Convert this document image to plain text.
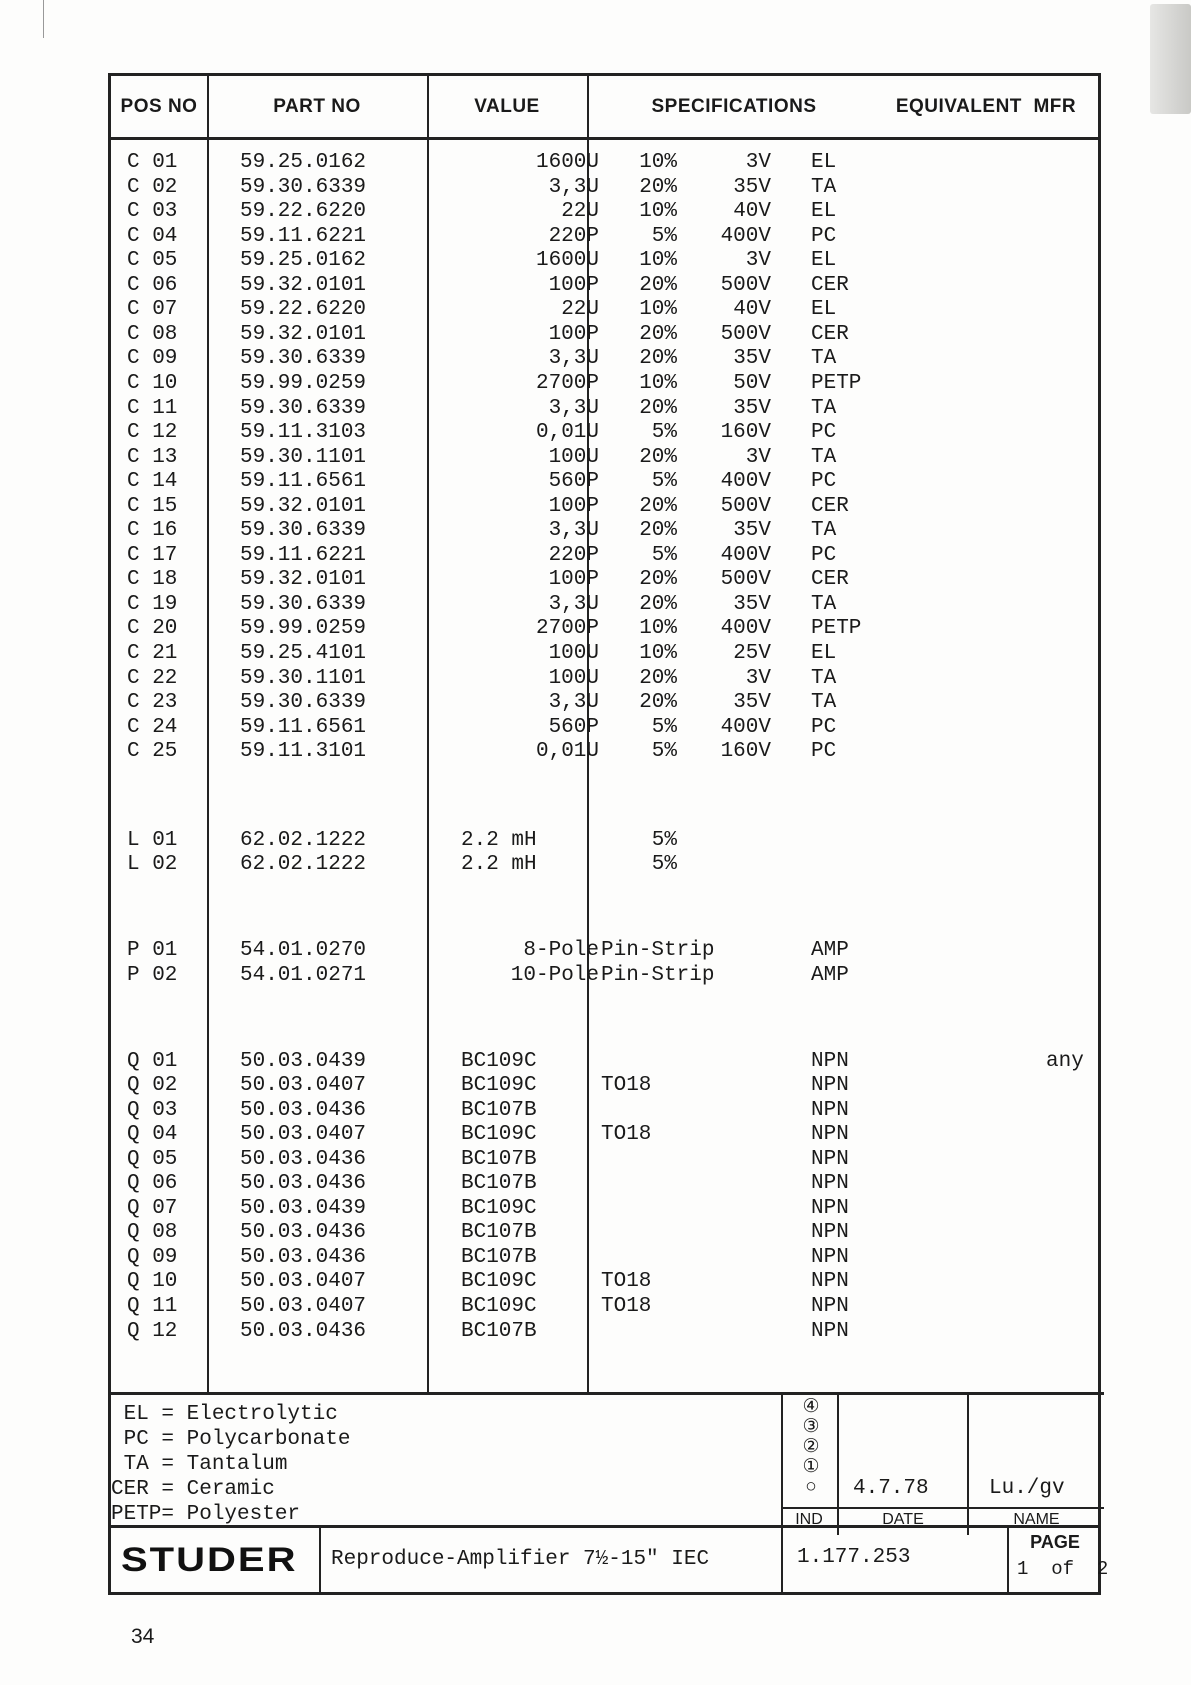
POS NO	PART NO	VALUE	SPECIFICATIONS	EQUIVALENT  MFR
C 01	59.25.0162	1600U	10%	3V EL
C 02	59.30.6339	3,3U	20%	35V TA
C 03	59.22.6220	22U	10%	40V EL
C 04	59.11.6221	220P	5%	400V PC
C 05	59.25.0162	1600U	10%	3V EL
C 06	59.32.0101	100P	20%	500V CER
C 07	59.22.6220	22U	10%	40V EL
C 08	59.32.0101	100P	20%	500V CER
C 09	59.30.6339	3,3U	20%	35V TA
C 10	59.99.0259	2700P	10%	50V PETP
C 11	59.30.6339	3,3U	20%	35V TA
C 12	59.11.3103	0,01U	5%	160V PC
C 13	59.30.1101	100U	20%	3V TA
C 14	59.11.6561	560P	5%	400V PC
C 15	59.32.0101	100P	20%	500V CER
C 16	59.30.6339	3,3U	20%	35V TA
C 17	59.11.6221	220P	5%	400V PC
C 18	59.32.0101	100P	20%	500V CER
C 19	59.30.6339	3,3U	20%	35V TA
C 20	59.99.0259	2700P	10%	400V PETP
C 21	59.25.4101	100U	10%	25V EL
C 22	59.30.1101	100U	20%	3V TA
C 23	59.30.6339	3,3U	20%	35V TA
C 24	59.11.6561	560P	5%	400V PC
C 25	59.11.3101	0,01U	5%	160V PC
L 01	62.02.1222	2.2 mH	5%
L 02	62.02.1222	2.2 mH	5%
P 01	54.01.0270	8-Pole Pin-Strip	AMP
P 02	54.01.0271	10-Pole Pin-Strip	AMP
Q 01	50.03.0439	BC109C	NPN	any
Q 02	50.03.0407	BC109C	TO18	NPN
Q 03	50.03.0436	BC107B	NPN
Q 04	50.03.0407	BC109C	TO18	NPN
Q 05	50.03.0436	BC107B	NPN
Q 06	50.03.0436	BC107B	NPN
Q 07	50.03.0439	BC109C	NPN
Q 08	50.03.0436	BC107B	NPN
Q 09	50.03.0436	BC107B	NPN
Q 10	50.03.0407	BC109C	TO18	NPN
Q 11	50.03.0407	BC109C	TO18	NPN
Q 12	50.03.0436	BC107B	NPN
EL = Electrolytic
PC = Polycarbonate
TA = Tantalum
CER = Ceramic
PETP= Polyester
④
③
②
①
○	4.7.78	Lu./gv
IND	DATE	NAME
STUDER Reproduce-Amplifier 7½-15" IEC	1.177.253
PAGE
1  of  2
34
